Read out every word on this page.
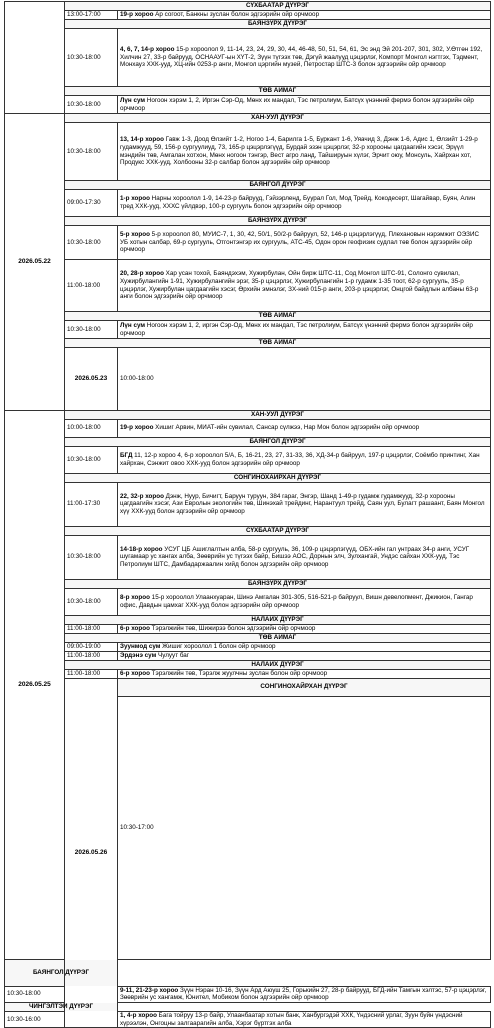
	СҮХБААТАР ДҮҮРЭГ		
	13:00-17:00	19-р хороо Ар согоот, Банкны зуслан болон эдгээрийн ойр орчмоор	
	БАЯНЗҮРХ ДҮҮРЭГ		
	10:30-18:00	4, 6, 7, 14-р хороо 15-р хороолол 9, 11-14, 23, 24, 29, 30, 44, 46-48, 50, 51, 54, 61, Эс энд Эй 201-207, 301, 302, У.Өтгөн 192, Хилчин 27, 33-р байрууд, ОСНААУГ-ын ХҮТ-2, Зүүн түгээх төв, Дэгүй жаалууд цэцэрлэг, Компорт Монгол нэгтгэх, Тэдмент, Монхауз ХХК-ууд, ХЦ-ийн 0253-р анги, Монгол цэргийн музей, Петростар ШТС-3 болон эдгээрийн ойр орчмоор	
	ТӨВ АЙМАГ		
	10:30-18:00	Лүн сум Ногоон хэрэм 1, 2, Иргэн Сэр-Од, Мөнх их мандал, Тэс петролиум, Батсүх үнэнний фермэ болон эдгээрийн ойр орчмоор	
2026.05.22	ХАН-УУЛ ДҮҮРЭГ		
	10:30-18:00	13, 14-р хороо Гавж 1-3, Доод Өлзийт 1-2, Ногоо 1-4, Барилга 1-5, Буркант 1-6, Уяачид 3, Дэнж 1-6, Адис 1, Өлзийт 1-29-р гудамжууд, 59, 156-р сургуулиуд, 73, 165-р цэцэрлэгүүд, Бурдай эзэн цэцэрлэг, 32-р хорооны цагдаагийн хэсэг, Эрүүл мэндийн төв, Амгалан хотхон, Мөнх ногоон тэнгэр, Вест агро ланд, Тайшируын хүлэг, Эрчит оюу, Монсуль, Хайрхан хот, Продукс ХХК-ууд, Холбооны 32-р салбар болон эдгээрийн ойр орчмоор	
	БАЯНГОЛ ДҮҮРЭГ		
	09:00-17:30	1-р хороо Нарны хороолол 1-9, 14-23-р байрууд, Гэйзэрленд, Буурал Гол, Мод Трейд, Кокодесерт, Шагайвар, Буян, Алин тред ХХК-ууд, ХХХС үйлдвэр, 100-р сургууль болон эдгээрийн ойр орчмоор	
	БАЯНЗҮРХ ДҮҮРЭГ		
	10:30-18:00	5-р хороо 5-р хороолол 80, МУИС-7, 1, 30, 42, 50/1, 50/2-р байруул, 52, 146-р цэцэрлэгүүд, Плехановын нэрэмжит ОЭЗИС УБ хотын салбар, 69-р сургууль, Отгонтэнгэр их сургууль, АТС-45, Одон орон геофизик судлал төв болон эдгээрийн ойр орчмоор	
	11:00-18:00	20, 28-р хороо Хар усан тохой, Баяндэхэм, Хужирбулан, Ойн бирж ШТС-11, Сод Монгол ШТС-91, Солонго сувилал, Хужирбулангийн 1-91, Хужирбулангийн эрэг, 35-р цэцэрлэг, Хужирбулангийн 1-р гудамж 1-35 тоот, 62-р сургууль, 35-р цэцэрлэг, Хужирбулан цагдаагийн хэсэг, Өрхийн эмнэлэг, ЗХ-ний 015-р анги, 203-р цэцэрлэг, Онцгой байдлын албаны 63-р анги болон эдгээрийн ойр орчмоор	
	ТӨВ АЙМАГ		
	10:30-18:00	Лүн сум Ногоон хэрэм 1, 2, иргэн Сэр-Од, Мөнх их мандал, Тэс петролиум, Батсүх үнэнний фермэ болон эдгээрийн ойр орчмоор	
	ТӨВ АЙМАГ		
	2026.05.23	10:00-18:00	
2026.05.25	ХАН-УУЛ ДҮҮРЭГ		
	10:00-18:00	19-р хороо Хишиг Арвин, МИАТ-ийн сувилал, Сансар сүлжээ, Нар Мон болон эдгээрийн ойр орчмоор	
	БАЯНГОЛ ДҮҮРЭГ		
	10:30-18:00	БГД 11, 12-р хороо 4, 6-р хороолол 5/А, Б, 16-21, 23, 27, 31-33, 36, ХД-34-р байруул, 197-р цэцэрлэг, Соёмбо принтинг, Хан хайрхан, Сэнжит овоо ХХК-ууд болон эдгээрийн ойр орчмоор	
	СОНГИНОХАЙРХАН ДҮҮРЭГ		
	11:00-17:30	22, 32-р хороо Дэнж, Нуур, Бичигт, Баруун туруун, 384 гараг, Энгэр, Шанд 1-49-р гудамж гудамжууд, 32-р хорооны цагдаагийн хэсэг, Ази Евролын экологийн төв, Шинэхай трейдинг, Нарантуул трейд, Саян уул, Булагт рашаант, Баян Монгол хүү ХХК-ууд болон эдгээрийн ойр орчмоор	
	СҮХБААТАР ДҮҮРЭГ		
	10:30-18:00	14-18-р хороо УСУГ ЦБ Ашиглалтын алба, 58-р сургууль, 36, 109-р цэцэрлэгүүд, ОБХ-ийн гал унтраах 34-р анги, УСУГ шугамаар ус хангах алба, Зөөврийн ус түгээх байр, Бишээ АОС, Дорнын элч, Зулхангай, Ундэс сайхан ХХК-ууд, Тэс Петролиум ШТС, Дамбадаржаалин хийд болон эдгээрийн ойр орчмоор	
	БАЯНЗҮРХ ДҮҮРЭГ		
	10:30-18:00	8-р хороо 15-р хороолол Улаанхуаран, Шинэ Амгалан 301-305, 516-521-р байруул, Вишн девелопмент, Джикион, Гангар офис, Давдын цамхаг ХХК-ууд болон эдгээрийн ойр орчмоор	
	НАЛАЙХ ДҮҮРЭГ		
	11:00-18:00	6-р хороо Тэрэлжийн төв, Шижирээ болон эдгээрийн ойр орчмоор	
	ТӨВ АЙМАГ		
	09:00-19:00	Зуунмод сум Жишиг хороолол 1 болон ойр орчмоор	
	11:00-18:00	Эрдэнэ сум Чулуут баг	
	НАЛАЙХ ДҮҮРЭГ		
	11:00-18:00	6-р хороо Тэрэлжийн төв, Тэрэлж жуулчны зуслан болон ойр орчмоор	
	2026.05.26	СОНГИНОХАЙРХАН ДҮҮРЭГ	
		10:30-17:00	
БАЯНГОЛ ДҮҮРЭГ			
10:30-18:00		9-11, 21-23-р хороо Зүүн Нэран 10-16, Зүүн Ард Аюуш 25, Горькийн 27, 28-р байрууд, БГД-ийн Тамгын хэлтэс, 57-р цэцэрлэг, Зөөврийн ус хангамж, Юнител, Мобиком болон эдгээрийн ойр орчмоор	
ЧИНГЭЛТЭЙ ДҮҮРЭГ			
10:30-16:00		1, 4-р хороо Бага тойруу 13-р байр, Улаанбаатар хотын банк, Ханбургэдэй ХХК, Үндэсний урлаг, Зуун буйн үндэсний хүрээлэн, Онгоцны залгаарагийн алба, Хэрэг бүртгэх алба	
